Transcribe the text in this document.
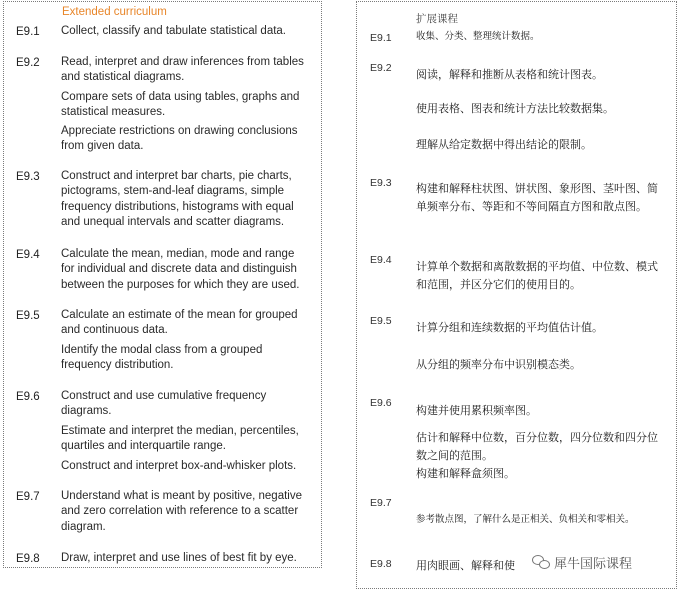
Extended curriculum
E9.1 Collect, classify and tabulate statistical data.
E9.2 Read, interpret and draw inferences from tables and statistical diagrams.
Compare sets of data using tables, graphs and statistical measures.
Appreciate restrictions on drawing conclusions from given data.
E9.3 Construct and interpret bar charts, pie charts, pictograms, stem-and-leaf diagrams, simple frequency distributions, histograms with equal and unequal intervals and scatter diagrams.
E9.4 Calculate the mean, median, mode and range for individual and discrete data and distinguish between the purposes for which they are used.
E9.5 Calculate an estimate of the mean for grouped and continuous data.
Identify the modal class from a grouped frequency distribution.
E9.6 Construct and use cumulative frequency diagrams.
Estimate and interpret the median, percentiles, quartiles and interquartile range.
Construct and interpret box-and-whisker plots.
E9.7 Understand what is meant by positive, negative and zero correlation with reference to a scatter diagram.
E9.8 Draw, interpret and use lines of best fit by eye.
扩展课程
E9.1	收集、分类、整理统计数据。
E9.2 阅读，解释和推断从表格和统计图表。
使用表格、图表和统计方法比较数据集。
理解从给定数据中得出结论的限制。
E9.3 构建和解释柱状图、饼状图、象形图、茎叶图、简单频率分布、等距和不等间隔直方图和散点图。
E9.4 计算单个数据和离散数据的平均值、中位数、模式和范围，并区分它们的使用目的。
E9.5 计算分组和连续数据的平均值估计值。
从分组的频率分布中识别模态类。
E9.6
构建并使用累积频率图。
估计和解释中位数，百分位数，四分位数和四分位数之间的范围。
构建和解释盒须图。
E9.7
参考散点图，了解什么是正相关、负相关和零相关。
E9.8 用肉眼画、解释和使	犀牛国际课程
